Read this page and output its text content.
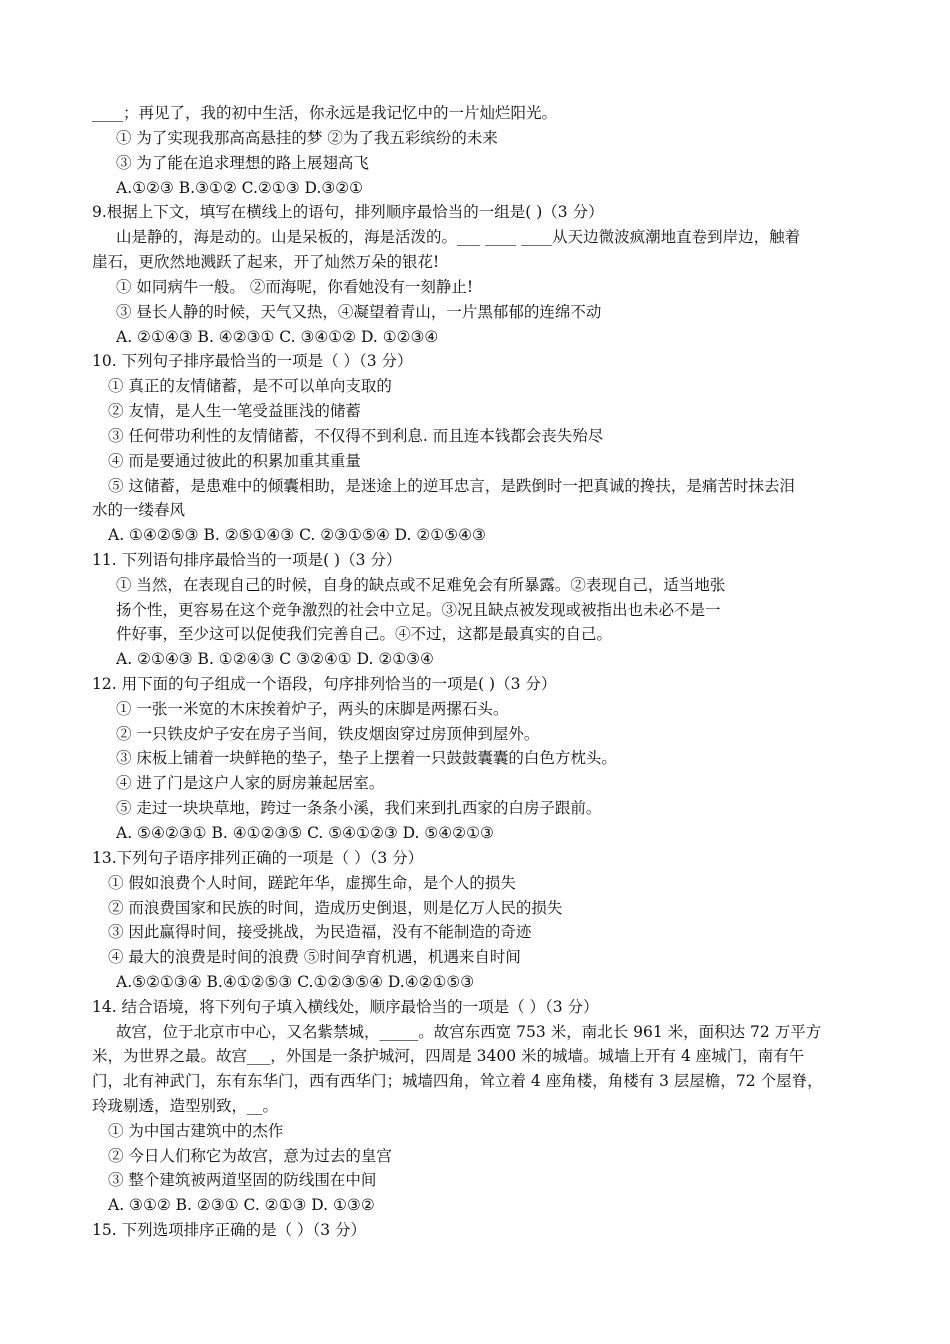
____；再见了，我的初中生活，你永远是我记忆中的一片灿烂阳光。
① 为了实现我那高高悬挂的梦 ②为了我五彩缤纷的未来
③ 为了能在追求理想的路上展翅高飞
A.①②③ B.③①② C.②①③ D.③②①
9.根据上下文，填写在横线上的语句，排列顺序最恰当的一组是( )（3 分）
山是静的，海是动的。山是呆板的，海是活泼的。___ ____ ____从天边微波疯潮地直卷到岸边，触着
崖石，更欣然地溅跃了起来，开了灿然万朵的银花!
① 如同病牛一般。 ②而海呢，你看她没有一刻静止!
③ 昼长人静的时候，天气又热，④凝望着青山，一片黑郁郁的连绵不动
A. ②①④③ B. ④②③① C. ③④①② D. ①②③④
10. 下列句子排序最恰当的一项是（ ）（3 分）
① 真正的友情储蓄，是不可以单向支取的
② 友情，是人生一笔受益匪浅的储蓄
③ 任何带功利性的友情储蓄，不仅得不到利息. 而且连本钱都会丧失殆尽
④ 而是要通过彼此的积累加重其重量
⑤ 这储蓄，是患难中的倾囊相助，是迷途上的逆耳忠言，是跌倒时一把真诚的搀扶，是痛苦时抹去泪
水的一缕春风
A. ①④②⑤③ B. ②⑤①④③ C. ②③①⑤④ D. ②①⑤④③
11. 下列语句排序最恰当的一项是( )（3 分）
① 当然，在表现自己的时候，自身的缺点或不足难免会有所暴露。②表现自己，适当地张
扬个性，更容易在这个竞争激烈的社会中立足。③况且缺点被发现或被指出也未必不是一
件好事，至少这可以促使我们完善自己。④不过，这都是最真实的自己。
A. ②①④③ B. ①②④③ C ③②④① D. ②①③④
12. 用下面的句子组成一个语段，句序排列恰当的一项是( )（3 分）
① 一张一米宽的木床挨着炉子，两头的床脚是两摞石头。
② 一只铁皮炉子安在房子当间，铁皮烟囱穿过房顶伸到屋外。
③ 床板上铺着一块鲜艳的垫子，垫子上摆着一只鼓鼓囊囊的白色方枕头。
④ 进了门是这户人家的厨房兼起居室。
⑤ 走过一块块草地，跨过一条条小溪，我们来到扎西家的白房子跟前。
A. ⑤④②③① B. ④①②③⑤ C. ⑤④①②③ D. ⑤④②①③
13.下列句子语序排列正确的一项是（ ）（3 分）
① 假如浪费个人时间，蹉跎年华，虚掷生命，是个人的损失
② 而浪费国家和民族的时间，造成历史倒退，则是亿万人民的损失
③ 因此赢得时间，接受挑战，为民造福，没有不能制造的奇迹
④ 最大的浪费是时间的浪费 ⑤时间孕育机遇，机遇来自时间
A.⑤②①③④ B.④①②⑤③ C.①②③⑤④ D.④②①⑤③
14. 结合语境，将下列句子填入横线处，顺序最恰当的一项是（ ）（3 分）
故宫，位于北京市中心，又名紫禁城，_____。故宫东西宽 753 米，南北长 961 米，面积达 72 万平方
米，为世界之最。故宫___，外国是一条护城河，四周是 3400 米的城墙。城墙上开有 4 座城门，南有午
门，北有神武门，东有东华门，西有西华门；城墙四角，耸立着 4 座角楼，角楼有 3 层屋檐，72 个屋脊，
玲珑剔透，造型别致，__。
① 为中国古建筑中的杰作
② 今日人们称它为故宫，意为过去的皇宫
③ 整个建筑被两道坚固的防线围在中间
A. ③①② B. ②③① C. ②①③ D. ①③②
15. 下列选项排序正确的是（ ）（3 分）
